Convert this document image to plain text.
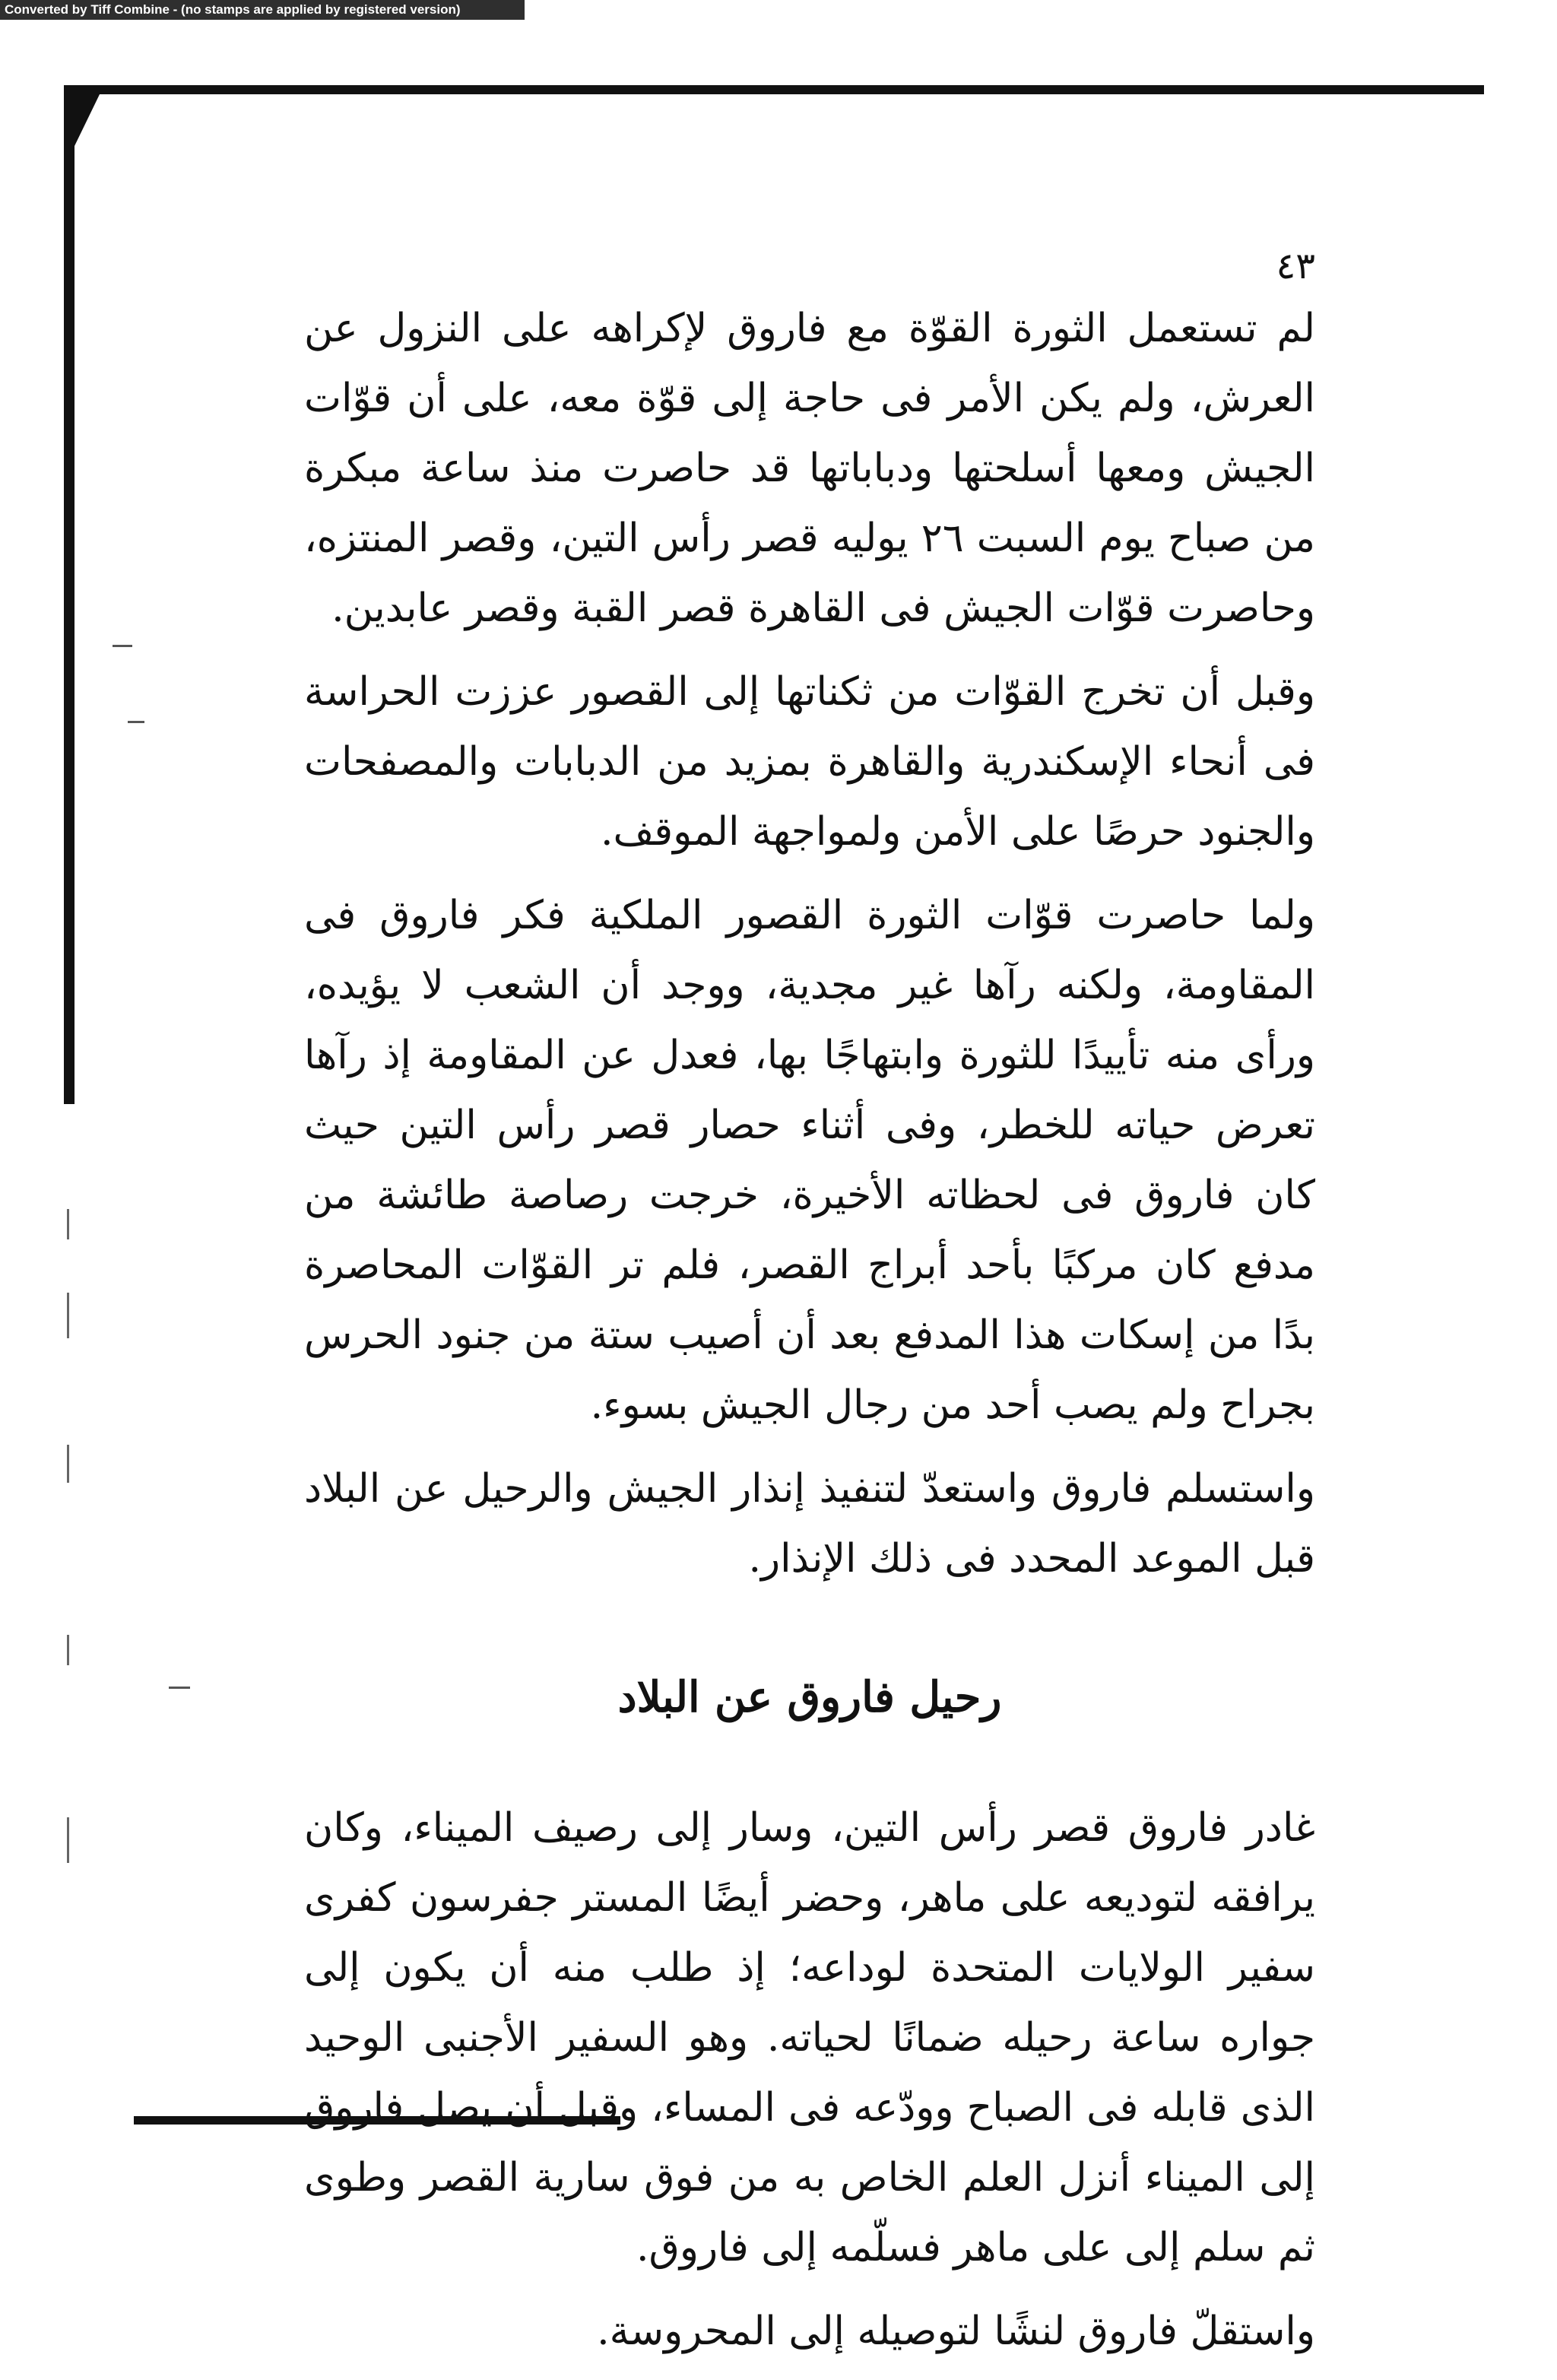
Converted by Tiff Combine - (no stamps are applied by registered version)
٤٣

لم تستعمل الثورة القوّة مع فاروق لإكراهه على النزول عن العرش، ولم يكن الأمر فى حاجة إلى قوّة معه، على أن قوّات الجيش ومعها أسلحتها ودباباتها قد حاصرت منذ ساعة مبكرة من صباح يوم السبت ٢٦ يوليه قصر رأس التين، وقصر المنتزه، وحاصرت قوّات الجيش فى القاهرة قصر القبة وقصر عابدين.

وقبل أن تخرج القوّات من ثكناتها إلى القصور عززت الحراسة فى أنحاء الإسكندرية والقاهرة بمزيد من الدبابات والمصفحات والجنود حرصًا على الأمن ولمواجهة الموقف.

ولما حاصرت قوّات الثورة القصور الملكية فكر فاروق فى المقاومة، ولكنه رآها غير مجدية، ووجد أن الشعب لا يؤيده، ورأى منه تأييدًا للثورة وابتهاجًا بها، فعدل عن المقاومة إذ رآها تعرض حياته للخطر، وفى أثناء حصار قصر رأس التين حيث كان فاروق فى لحظاته الأخيرة، خرجت رصاصة طائشة من مدفع كان مركبًا بأحد أبراج القصر، فلم تر القوّات المحاصرة بدًا من إسكات هذا المدفع بعد أن أصيب ستة من جنود الحرس بجراح ولم يصب أحد من رجال الجيش بسوء.

واستسلم فاروق واستعدّ لتنفيذ إنذار الجيش والرحيل عن البلاد قبل الموعد المحدد فى ذلك الإنذار.

رحيل فاروق عن البلاد

غادر فاروق قصر رأس التين، وسار إلى رصيف الميناء، وكان يرافقه لتوديعه على ماهر، وحضر أيضًا المستر جفرسون كفرى سفير الولايات المتحدة لوداعه؛ إذ طلب منه أن يكون إلى جواره ساعة رحيله ضمانًا لحياته. وهو السفير الأجنبى الوحيد الذى قابله فى الصباح وودّعه فى المساء، وقبل أن يصل فاروق إلى الميناء أنزل العلم الخاص به من فوق سارية القصر وطوى ثم سلم إلى على ماهر فسلّمه إلى فاروق.

واستقلّ فاروق لنشًا لتوصيله إلى المحروسة.
